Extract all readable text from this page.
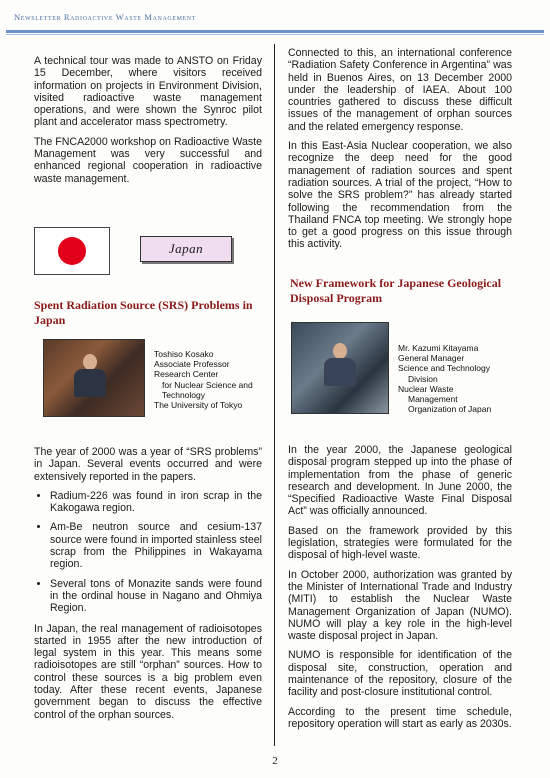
Newsletter Radioactive Waste Management

A technical tour was made to ANSTO on Friday 15 December, where visitors received information on projects in Environment Division, visited radioactive waste management operations, and were shown the Synroc pilot plant and accelerator mass spectrometry.

The FNCA2000 workshop on Radioactive Waste Management was very successful and enhanced regional cooperation in radioactive waste management.

Japan
Spent Radiation Source (SRS) Problems in Japan
Toshiso Kosako
Associate Professor
Research Center
for Nuclear Science and
Technology
The University of Tokyo

The year of 2000 was a year of “SRS problems” in Japan. Several events occurred and were extensively reported in the papers.

• Radium-226 was found in iron scrap in the Kakogawa region.
• Am-Be neutron source and cesium-137 source were found in imported stainless steel scrap from the Philippines in Wakayama region.
• Several tons of Monazite sands were found in the ordinal house in Nagano and Ohmiya Region.

In Japan, the real management of radioisotopes started in 1955 after the new introduction of legal system in this year. This means some radioisotopes are still “orphan” sources. How to control these sources is a big problem even today. After these recent events, Japanese government began to discuss the effective control of the orphan sources.

Connected to this, an international conference “Radiation Safety Conference in Argentina” was held in Buenos Aires, on 13 December 2000 under the leadership of IAEA. About 100 countries gathered to discuss these difficult issues of the management of orphan sources and the related emergency response.

In this East-Asia Nuclear cooperation, we also recognize the deep need for the good management of radiation sources and spent radiation sources. A trial of the project, “How to solve the SRS problem?” has already started following the recommendation from the Thailand FNCA top meeting. We strongly hope to get a good progress on this issue through this activity.

New Framework for Japanese Geological Disposal Program
Mr. Kazumi Kitayama
General Manager
Science and Technology
Division
Nuclear Waste
Management
Organization of Japan

In the year 2000, the Japanese geological disposal program stepped up into the phase of implementation from the phase of generic research and development. In June 2000, the “Specified Radioactive Waste Final Disposal Act” was officially announced.

Based on the framework provided by this legislation, strategies were formulated for the disposal of high-level waste.

In October 2000, authorization was granted by the Minister of International Trade and Industry (MITI) to establish the Nuclear Waste Management Organization of Japan (NUMO). NUMO will play a key role in the high-level waste disposal project in Japan.

NUMO is responsible for identification of the disposal site, construction, operation and maintenance of the repository, closure of the facility and post-closure institutional control.

According to the present time schedule, repository operation will start as early as 2030s.

2
